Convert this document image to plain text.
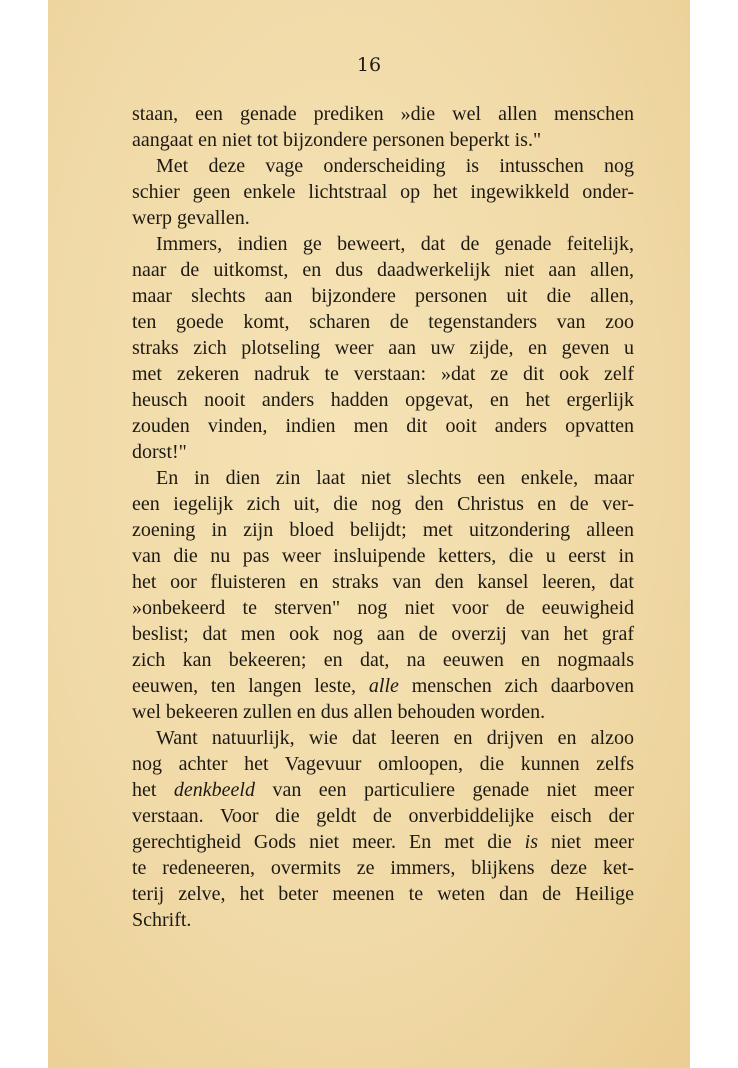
16
staan, een genade prediken »die wel allen menschen
aangaat en niet tot bijzondere personen beperkt is."
Met deze vage onderscheiding is intusschen nog
schier geen enkele lichtstraal op het ingewikkeld onder-
werp gevallen.
Immers, indien ge beweert, dat de genade feitelijk,
naar de uitkomst, en dus daadwerkelijk niet aan allen,
maar slechts aan bijzondere personen uit die allen,
ten goede komt, scharen de tegenstanders van zoo
straks zich plotseling weer aan uw zijde, en geven u
met zekeren nadruk te verstaan: »dat ze dit ook zelf
heusch nooit anders hadden opgevat, en het ergerlijk
zouden vinden, indien men dit ooit anders opvatten
dorst!"
En in dien zin laat niet slechts een enkele, maar
een iegelijk zich uit, die nog den Christus en de ver-
zoening in zijn bloed belijdt; met uitzondering alleen
van die nu pas weer insluipende ketters, die u eerst in
het oor fluisteren en straks van den kansel leeren, dat
»onbekeerd te sterven" nog niet voor de eeuwigheid
beslist; dat men ook nog aan de overzij van het graf
zich kan bekeeren; en dat, na eeuwen en nogmaals
eeuwen, ten langen leste, alle menschen zich daarboven
wel bekeeren zullen en dus allen behouden worden.
Want natuurlijk, wie dat leeren en drijven en alzoo
nog achter het Vagevuur omloopen, die kunnen zelfs
het denkbeeld van een particuliere genade niet meer
verstaan. Voor die geldt de onverbiddelijke eisch der
gerechtigheid Gods niet meer. En met die is niet meer
te redeneeren, overmits ze immers, blijkens deze ket-
terij zelve, het beter meenen te weten dan de Heilige
Schrift.
